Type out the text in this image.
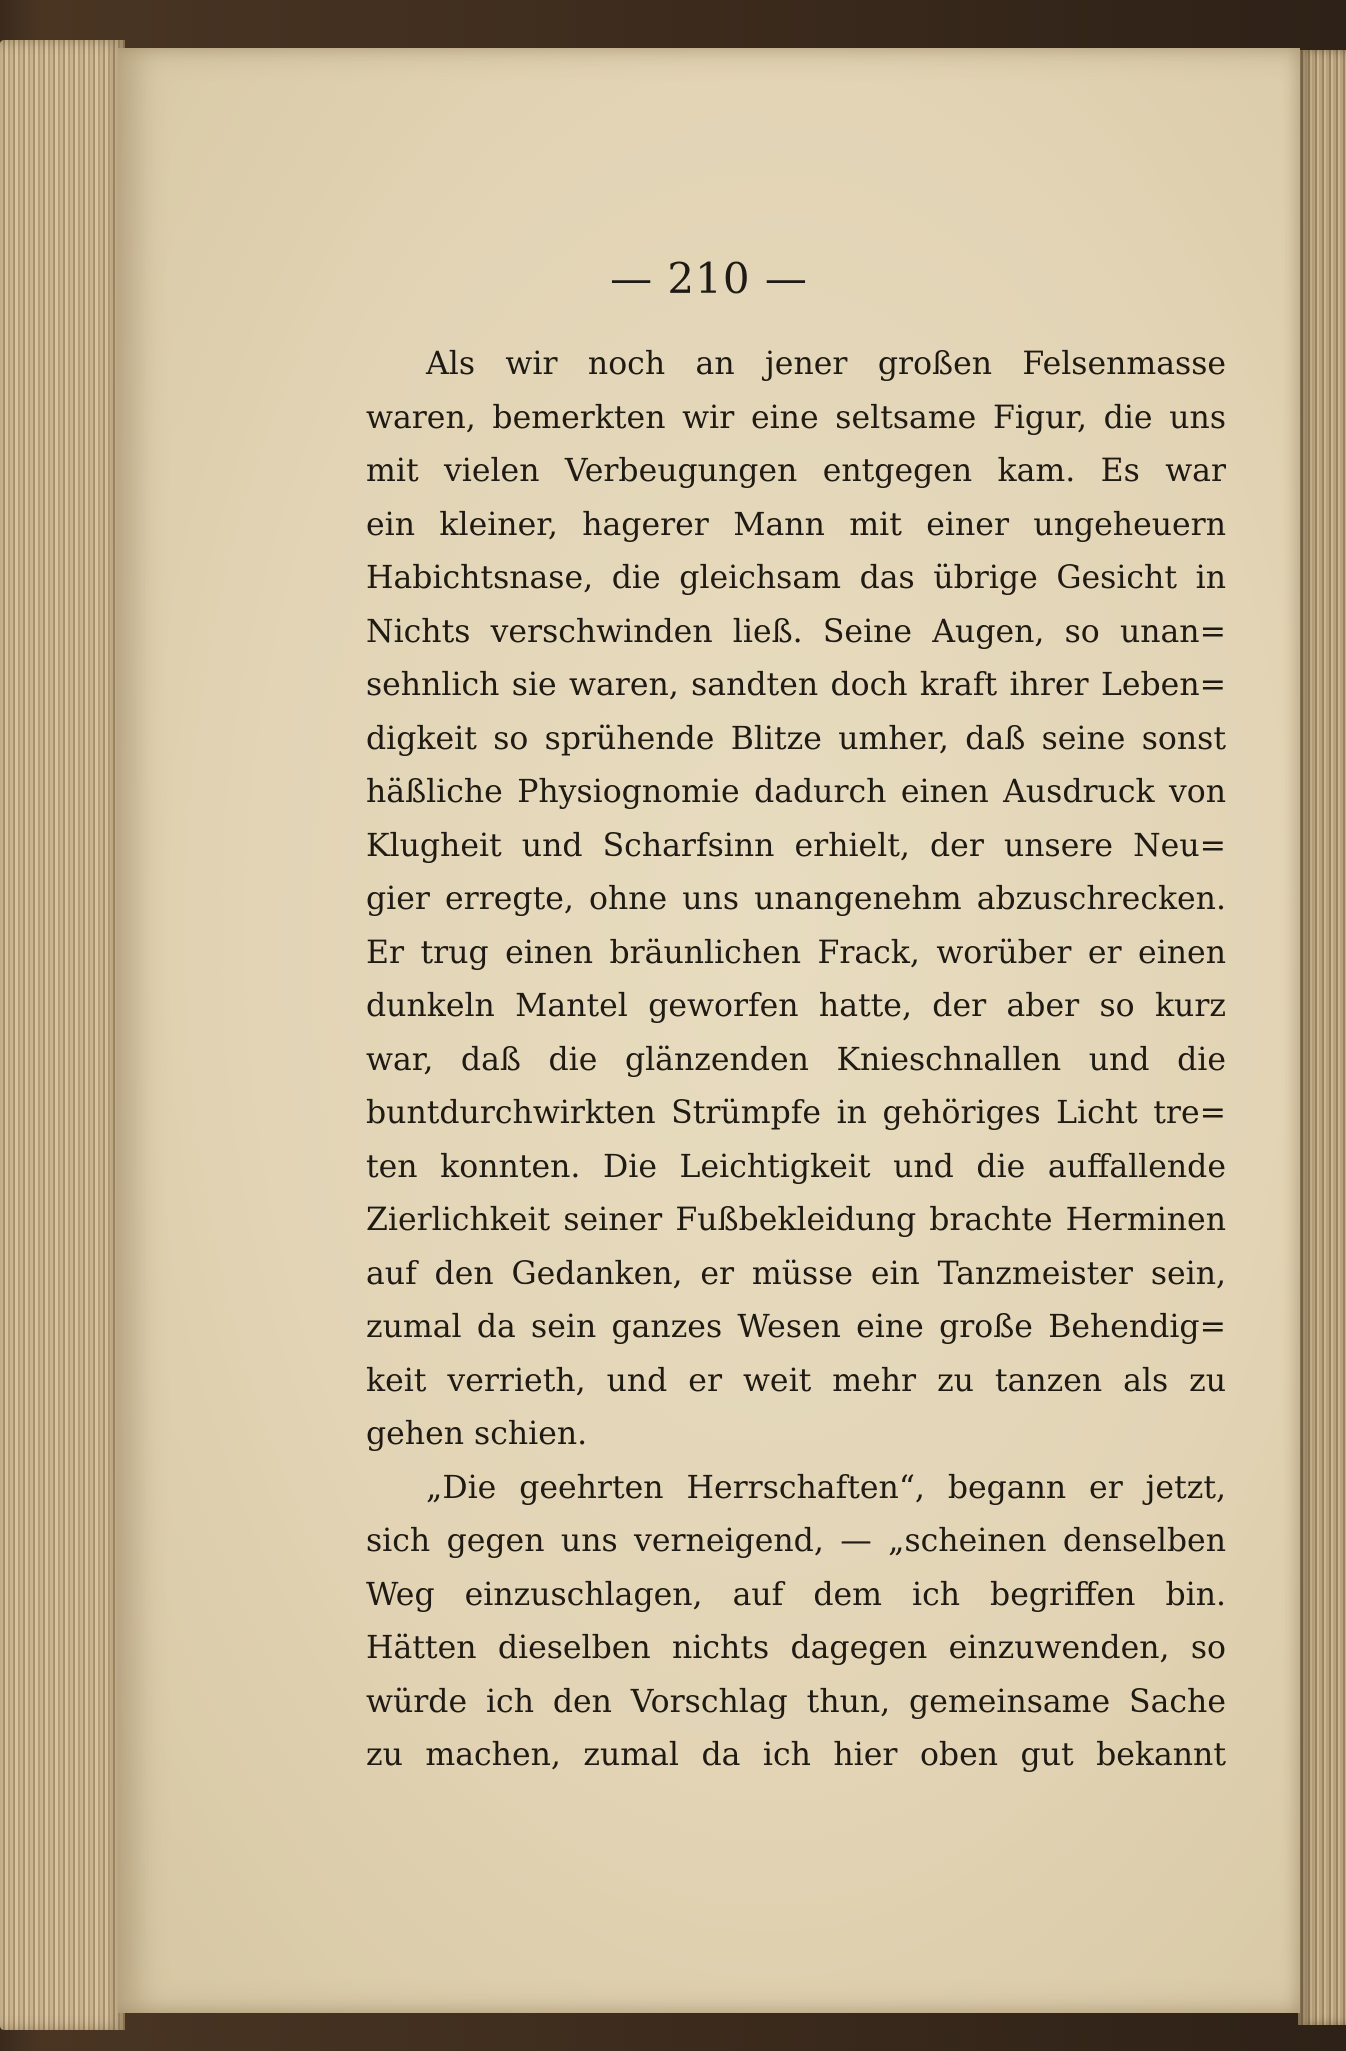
— 210 —
Als wir noch an jener großen Felsenmasse
waren, bemerkten wir eine seltsame Figur, die uns
mit vielen Verbeugungen entgegen kam. Es war
ein kleiner, hagerer Mann mit einer ungeheuern
Habichtsnase, die gleichsam das übrige Gesicht in
Nichts verschwinden ließ. Seine Augen, so unan=
sehnlich sie waren, sandten doch kraft ihrer Leben=
digkeit so sprühende Blitze umher, daß seine sonst
häßliche Physiognomie dadurch einen Ausdruck von
Klugheit und Scharfsinn erhielt, der unsere Neu=
gier erregte, ohne uns unangenehm abzuschrecken.
Er trug einen bräunlichen Frack, worüber er einen
dunkeln Mantel geworfen hatte, der aber so kurz
war, daß die glänzenden Knieschnallen und die
buntdurchwirkten Strümpfe in gehöriges Licht tre=
ten konnten. Die Leichtigkeit und die auffallende
Zierlichkeit seiner Fußbekleidung brachte Herminen
auf den Gedanken, er müsse ein Tanzmeister sein,
zumal da sein ganzes Wesen eine große Behendig=
keit verrieth, und er weit mehr zu tanzen als zu
gehen schien.
„Die geehrten Herrschaften“, begann er jetzt,
sich gegen uns verneigend, — „scheinen denselben
Weg einzuschlagen, auf dem ich begriffen bin.
Hätten dieselben nichts dagegen einzuwenden, so
würde ich den Vorschlag thun, gemeinsame Sache
zu machen, zumal da ich hier oben gut bekannt
